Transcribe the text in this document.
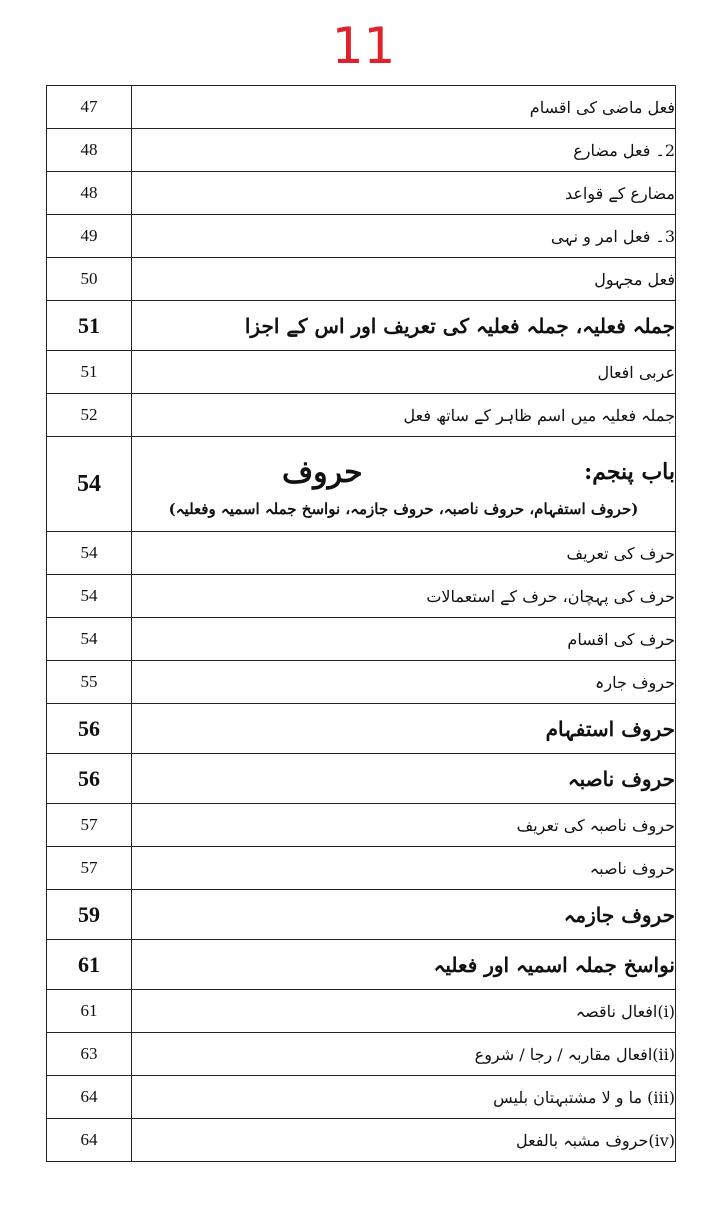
11
47	فعل ماضی کی اقسام
48	2۔ فعل مضارع
48	مضارع کے قواعد
49	3۔ فعل امر و نہی
50	فعل مجہول
51	جملہ فعلیہ، جملہ فعلیہ کی تعریف اور اس کے اجزا
51	عربی افعال
52	جملہ فعلیہ میں اسم ظاہر کے ساتھ فعل
54	باب پنجم:
حروف
(حروف استفہام، حروف ناصبہ، حروف جازمہ، نواسخ جملہ اسمیہ وفعلیہ)

54	حرف کی تعریف
54	حرف کی پہچان، حرف کے استعمالات
54	حرف کی اقسام
55	حروف جارہ
56	حروف استفہام
56	حروف ناصبہ
57	حروف ناصبہ کی تعریف
57	حروف ناصبہ
59	حروف جازمہ
61	نواسخ جملہ اسمیہ اور فعلیہ
61	(i)افعال ناقصہ
63	(ii)افعال مقاربہ / رجا / شروع
64	(iii) ما و لا مشتبہتان بلیس
64	(iv)حروف مشبہ بالفعل
